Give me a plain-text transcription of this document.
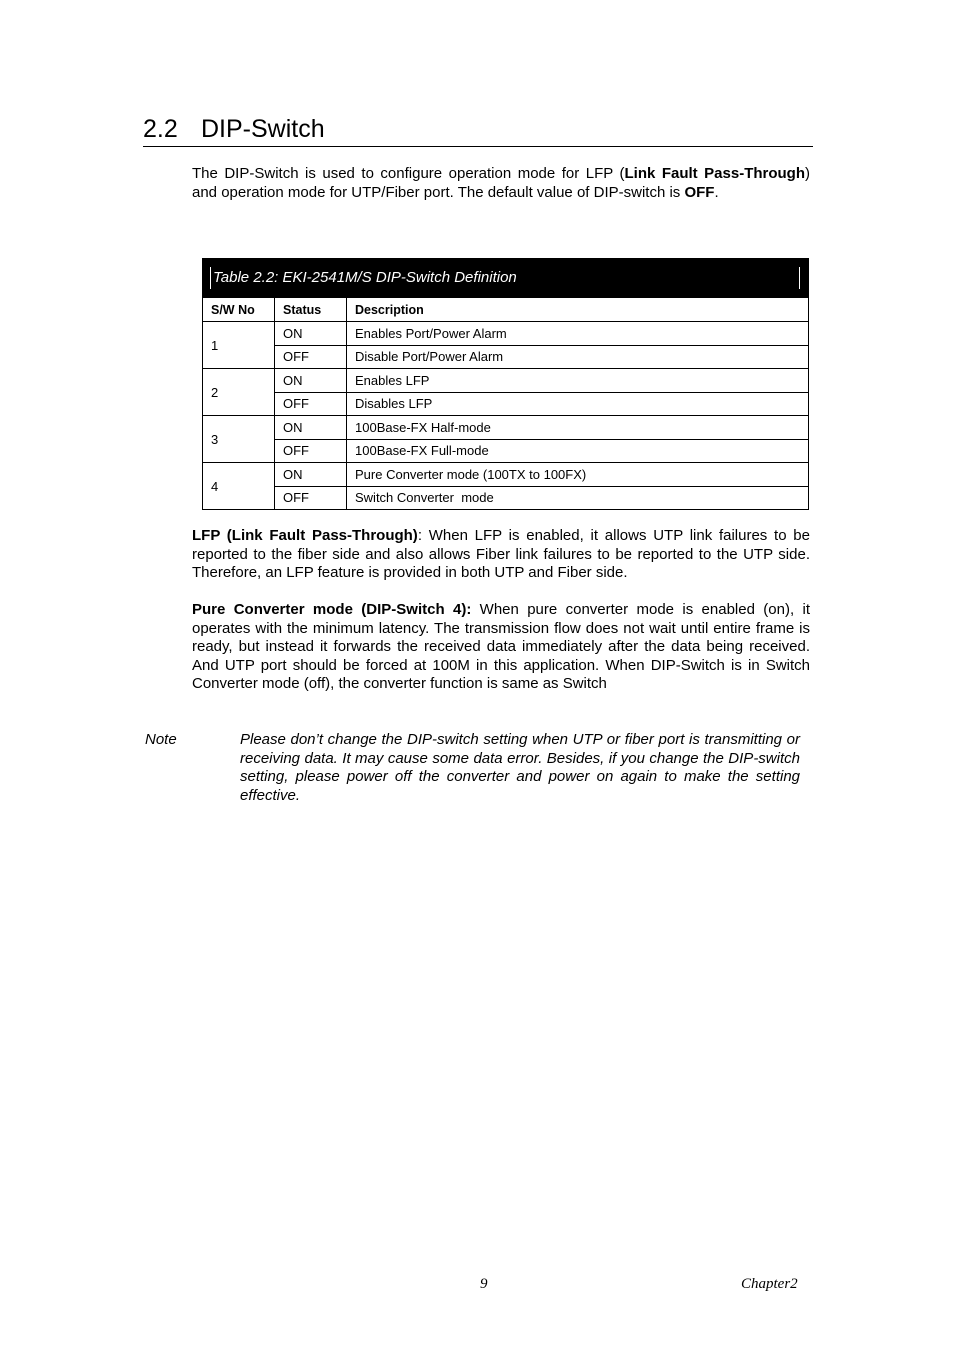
2.2 DIP-Switch

The DIP-Switch is used to configure operation mode for LFP (Link Fault Pass-Through) and operation mode for UTP/Fiber port. The default value of DIP-switch is OFF.

Table 2.2: EKI-2541M/S DIP-Switch Definition		

S/W No	Status	Description
1	ON	Enables Port/Power Alarm
	OFF	Disable Port/Power Alarm
2	ON	Enables LFP
	OFF	Disables LFP
3	ON	100Base-FX Half-mode
	OFF	100Base-FX Full-mode
4	ON	Pure Converter mode (100TX to 100FX)
	OFF	Switch Converter  mode

LFP (Link Fault Pass-Through): When LFP is enabled, it allows UTP link failures to be reported to the fiber side and also allows Fiber link failures to be reported to the UTP side. Therefore, an LFP feature is provided in both UTP and Fiber side.

Pure Converter mode (DIP-Switch 4): When pure converter mode is enabled (on), it operates with the minimum latency. The transmission flow does not wait until entire frame is ready, but instead it forwards the received data immediately after the data being received. And UTP port should be forced at 100M in this application. When DIP-Switch is in Switch Converter mode (off), the converter function is same as Switch

Note	Please don’t change the DIP-switch setting when UTP or fiber port is transmitting or receiving data. It may cause some data error. Besides, if you change the DIP-switch setting, please power off the converter and power on again to make the setting effective.

9	Chapter2
